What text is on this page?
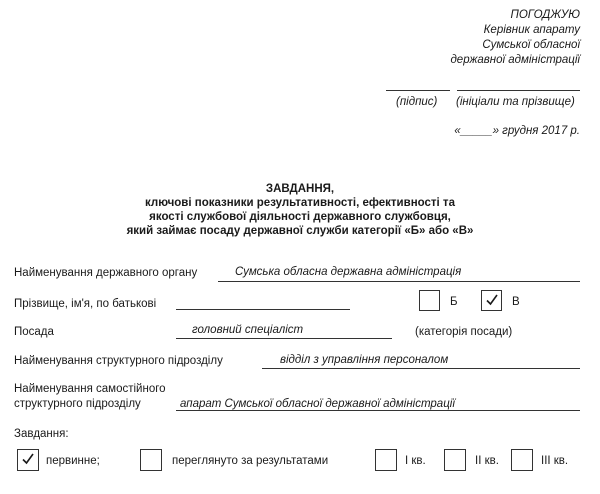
ПОГОДЖУЮ
Керівник апарату
Сумської обласної
державної адміністрації
(підпис) (ініціали та прізвище)
«_____» грудня 2017 р.
ЗАВДАННЯ,
ключові показники результативності, ефективності та
якості службової діяльності державного службовця,
який займає посаду державної служби категорії «Б» або «В»
Найменування державного органу	Сумська обласна державна адміністрація
Прізвище, ім'я, по батькові	Б	В
Посада	головний спеціаліст	(категорія посади)
Найменування структурного підрозділу	відділ з управління персоналом
Найменування самостійного
структурного підрозділу	апарат Сумської обласної державної адміністрації
Завдання:
первинне;	переглянуто за результатами	I кв.	II кв.	III кв.
